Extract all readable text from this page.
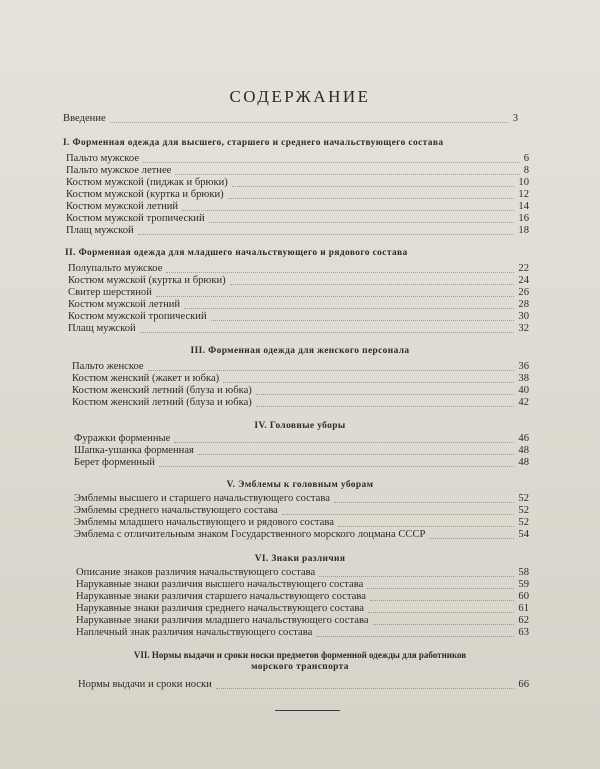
СОДЕРЖАНИЕ
Введение	3
I. Форменная одежда для высшего, старшего и среднего начальствующего состава
Пальто мужское	6
Пальто мужское летнее	8
Костюм мужской (пиджак и брюки)	10
Костюм мужской (куртка и брюки)	12
Костюм мужской летний	14
Костюм мужской тропический	16
Плащ мужской	18
II. Форменная одежда для младшего начальствующего и рядового состава
Полупальто мужское	22
Костюм мужской (куртка и брюки)	24
Свитер шерстяной	26
Костюм мужской летний	28
Костюм мужской тропический	30
Плащ мужской	32
III. Форменная одежда для женского персонала
Пальто женское	36
Костюм женский (жакет и юбка)	38
Костюм женский летний (блуза и юбка)	40
Костюм женский летний (блуза и юбка)	42
IV. Головные уборы
Фуражки форменные	46
Шапка-ушанка форменная	48
Берет форменный	48
V. Эмблемы к головным уборам
Эмблемы высшего и старшего начальствующего состава	52
Эмблемы среднего начальствующего состава	52
Эмблемы младшего начальствующего и рядового состава	52
Эмблема с отличительным знаком Государственного морского лоцмана СССР	54
VI. Знаки различия
Описание знаков различия начальствующего состава	58
Нарукавные знаки различия высшего начальствующего состава	59
Нарукавные знаки различия старшего начальствующего состава	60
Нарукавные знаки различия среднего начальствующего состава	61
Нарукавные знаки различия младшего начальствующего состава	62
Наплечный знак различия начальствующего состава	63
VII. Нормы выдачи и сроки носки предметов форменной одежды для работников
морского транспорта
Нормы выдачи и сроки носки	66
